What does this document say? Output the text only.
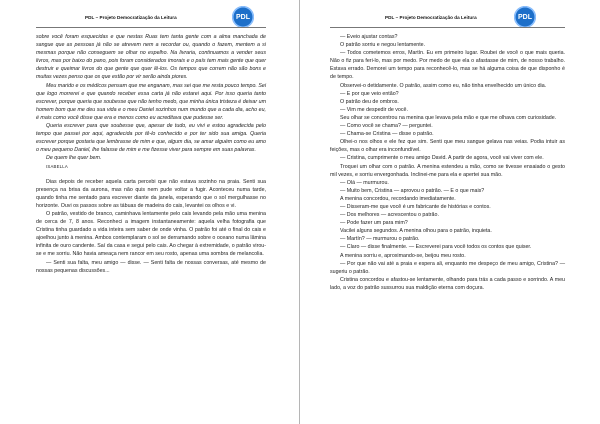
PDL – Projeto Democratização da Leitura	PDL

sobre você foram esquecidas e que nestas Ruas tem tanta gente com a alma manchada de sangue que as pessoas já não se atrevem nem a recordar ou, quando o fazem, mentem a si mesmas porque não conseguem se olhar no espelho. Na livraria, continuamos a vender seus livros, mas por baixo do pano, pois foram considerados imorais e o país tem mais gente que quer destruir e queimar livros do que gente que quer lê-los. Os tempos que correm não são bons e muitas vezes penso que os que estão por vir serão ainda piores.

Meu marido e os médicos pensam que me enganam, mas sei que me resta pouco tempo. Sei que logo morrerei e que quando receber essa carta já não estarei aqui. Por isso queria tanto escrever, porque queria que soubesse que não tenho medo, que minha única tristeza é deixar um homem bom que me deu sua vida e o meu Daniel sozinhos num mundo que a cada dia, acho eu, é mais como você disse que era e menos como eu acreditava que pudesse ser.

Queria escrever para que soubesse que, apesar de tudo, eu vivi e estou agradecida pelo tempo que passei por aqui, agradecida por tê-lo conhecido e por ter sido sua amiga. Queria escrever porque gostaria que lembrasse de mim e que, algum dia, se amar alguém como eu amo o meu pequeno Daniel, lhe falasse de mim e me fizesse viver para sempre em suas palavras.

De quem lhe quer bem.

ISABELLA

Dias depois de receber aquela carta percebi que não estava sozinho na praia. Senti sua presença na brisa da aurona, mas não quis nem pude voltar a fugir. Aconteceu numa tarde, quando tinha me sentado para escrever diante da janela, esperando que o sol mergulhasse no horizonte. Ouvi os passos sobre as tábuas de madeira do cais, levantei os olhos e vi.

O patrão, vestido de branco, caminhava lentamente pelo cais levando pela mão uma menina de cerca de 7, 8 anos. Reconheci a imagem instantaneamente: aquela velha fotografia que Cristina tinha guardado a vida inteira sem saber de onde vinha. O patrão foi até o final do cais e ajoelhou junto à menina. Ambos contemplaram o sol se derramando sobre o oceano numa lâmina infinita de ouro candente. Saí da casa e segui pelo cais. Ao chegar à extremidade, o patrão virou-se e me sorriu. Não havia ameaça nem rancor em seu rosto, apenas uma sombra de melancolia.

— Senti sua falta, meu amigo — disse. — Senti falta de nossas conversas, até mesmo de nossas pequenas discussões...

PDL – Projeto Democratização da Leitura	PDL

— Eveio ajustar contas?

O patrão sorriu e negou lentamente.

— Todos cometemos erros, Martín. Eu em primeiro lugar. Roubei de você o que mais queria. Não o fiz para feri-lo, mas por medo. Por medo de que ela o afastasse de mim, de nosso trabalho. Estava errado. Demorei um tempo para reconhecê-lo, mas se há alguma coisa de que disponho é de tempo.

Observei-o detidamente. O patrão, assim como eu, não tinha envelhecido um único dia.

— E por que veio então?

O patrão deu de ombros.

— Vim me despedir de você.

Seu olhar se concentrou na menina que levava pela mão e que me olhava com curiosidade.

— Como você se chama? — perguntei.

— Chama-se Cristina — disse o patrão.

Olhei-o nos olhos e ele fez que sim. Senti que meu sangue gelava nas veias. Podia intuir as feições, mas o olhar era inconfundível.

— Cristina, cumprimente o meu amigo David. A partir de agora, você vai viver com ele.

Troquei um olhar com o patrão. A menina estendeu a mão, como se tivesse ensaiado o gesto mil vezes, e sorriu envergonhada. Inclinei-me para ela e apertei sua mão.

— Olá — murmurou.

— Muito bem, Cristina — aprovou o patrão. — E o que mais?

A menina concordou, recordando imediatamente.

— Disseram-me que você é um fabricante de histórias e contos.

— Dos melhores — acrescentou o patrão.

— Pode fazer um para mim?

Vacilei alguns segundos. A menina olhou para o patrão, inquieta.

— Martín? — murmurou o patrão.

— Claro — disse finalmente. — Escreverei para você todos os contos que quiser.

A menina sorriu e, aproximando-se, beijou meu rosto.

— Por que não vai até a praia e espera ali, enquanto me despeço de meu amigo, Cristina? — sugeriu o patrão.

Cristina concordou e afastou-se lentamente, olhando para trás a cada passo e sorrindo. A meu lado, a voz do patrão sussurrou sua maldição eterna com doçura.
